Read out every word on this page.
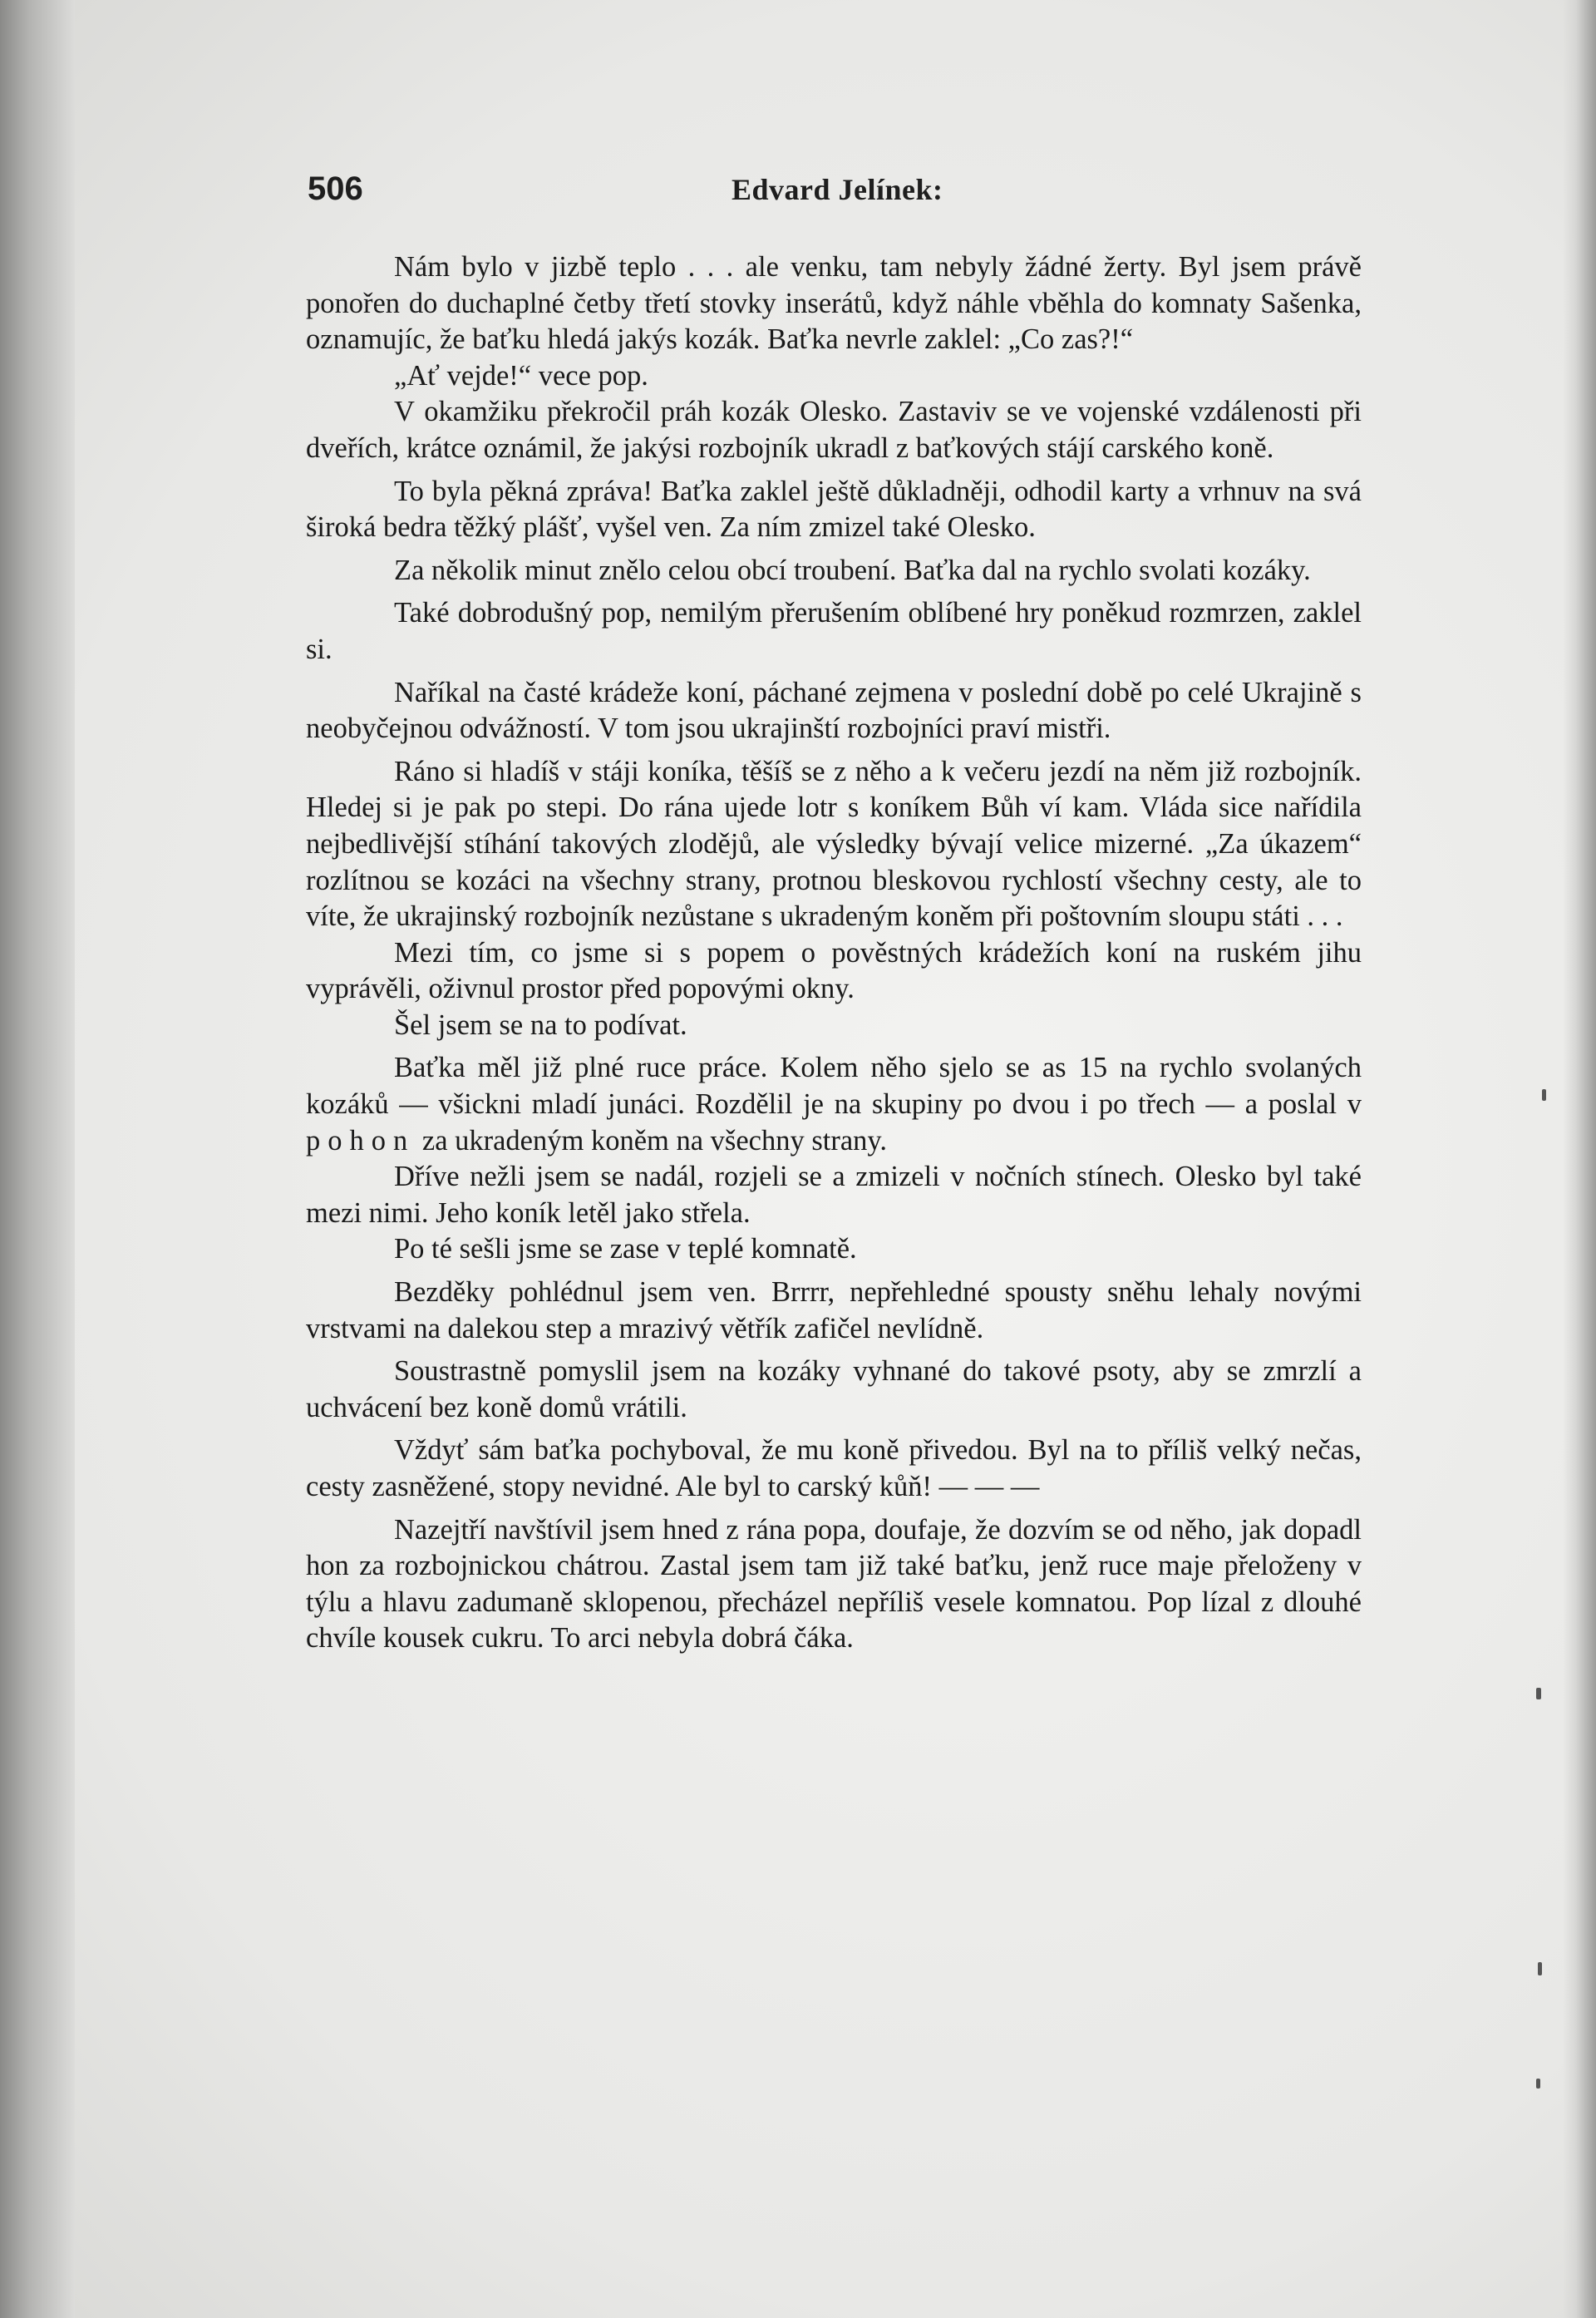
506	Edvard Jelínek:

Nám bylo v jizbě teplo . . . ale venku, tam nebyly žádné žerty. Byl jsem právě ponořen do duchaplné četby třetí stovky inserátů, když náhle vběhla do komnaty Sašenka, oznamujíc, že baťku hledá jakýs kozák. Baťka nevrle zaklel: „Co zas?!“

„Ať vejde!“ vece pop.

V okamžiku překročil práh kozák Olesko. Zastaviv se ve vojenské vzdálenosti při dveřích, krátce oznámil, že jakýsi rozbojník ukradl z baťkových stájí carského koně.

To byla pěkná zpráva! Baťka zaklel ještě důkladněji, odhodil karty a vrhnuv na svá široká bedra těžký plášť, vyšel ven. Za ním zmizel také Olesko.

Za několik minut znělo celou obcí troubení. Baťka dal na rychlo svolati kozáky.

Také dobrodušný pop, nemilým přerušením oblíbené hry poněkud rozmrzen, zaklel si.

Naříkal na časté krádeže koní, páchané zejmena v poslední době po celé Ukrajině s neobyčejnou odvážností. V tom jsou ukrajinští rozbojníci praví mistři.

Ráno si hladíš v stáji koníka, těšíš se z něho a k večeru jezdí na něm již rozbojník. Hledej si je pak po stepi. Do rána ujede lotr s koníkem Bůh ví kam. Vláda sice nařídila nejbedlivější stíhání takových zlodějů, ale výsledky bývají velice mizerné. „Za úkazem“ rozlítnou se kozáci na všechny strany, protnou bleskovou rychlostí všechny cesty, ale to víte, že ukrajinský rozbojník nezůstane s ukradeným koněm při poštovním sloupu státi . . .

Mezi tím, co jsme si s popem o pověstných krádežích koní na ruském jihu vyprávěli, oživnul prostor před popovými okny.

Šel jsem se na to podívat.

Baťka měl již plné ruce práce. Kolem něho sjelo se as 15 na rychlo svolaných kozáků — všickni mladí junáci. Rozdělil je na skupiny po dvou i po třech — a poslal v pohon za ukradeným koněm na všechny strany.

Dříve nežli jsem se nadál, rozjeli se a zmizeli v nočních stínech. Olesko byl také mezi nimi. Jeho koník letěl jako střela.

Po té sešli jsme se zase v teplé komnatě.

Bezděky pohlédnul jsem ven. Brrrr, nepřehledné spousty sněhu lehaly novými vrstvami na dalekou step a mrazivý větřík zafičel nevlídně.

Soustrastně pomyslil jsem na kozáky vyhnané do takové psoty, aby se zmrzlí a uchvácení bez koně domů vrátili.

Vždyť sám baťka pochyboval, že mu koně přivedou. Byl na to příliš velký nečas, cesty zasněžené, stopy nevidné. Ale byl to carský kůň! — — —

Nazejtří navštívil jsem hned z rána popa, doufaje, že dozvím se od něho, jak dopadl hon za rozbojnickou chátrou. Zastal jsem tam již také baťku, jenž ruce maje přeloženy v týlu a hlavu zadumaně sklopenou, přecházel nepříliš vesele komnatou. Pop lízal z dlouhé chvíle kousek cukru. To arci nebyla dobrá čáka.
